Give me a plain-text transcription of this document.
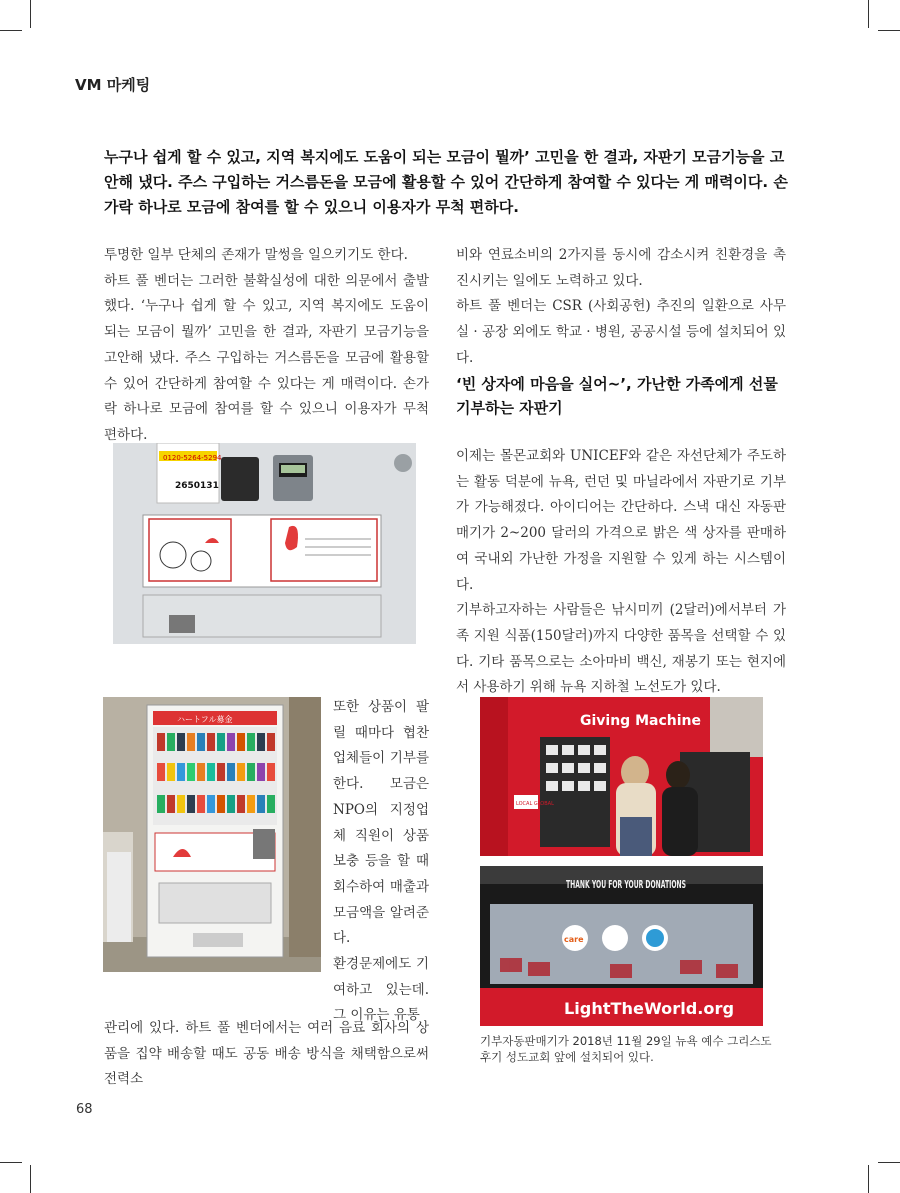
VM 마케팅
누구나 쉽게 할 수 있고, 지역 복지에도 도움이 되는 모금이 뭘까’ 고민을 한 결과, 자판기 모금기능을 고안해 냈다. 주스 구입하는 거스름돈을 모금에 활용할 수 있어 간단하게 참여할 수 있다는 게 매력이다. 손가락 하나로 모금에 참여를 할 수 있으니 이용자가 무척 편하다.

투명한 일부 단체의 존재가 말썽을 일으키기도 한다.

하트 풀 벤더는 그러한 불확실성에 대한 의문에서 출발했다. ‘누구나 쉽게 할 수 있고, 지역 복지에도 도움이 되는 모금이 뭘까’ 고민을 한 결과, 자판기 모금기능을 고안해 냈다. 주스 구입하는 거스름돈을 모금에 활용할 수 있어 간단하게 참여할 수 있다는 게 매력이다. 손가락 하나로 모금에 참여를 할 수 있으니 이용자가 무척 편하다.

비와 연료소비의 2가지를 동시에 감소시켜 친환경을 촉진시키는 일에도 노력하고 있다.

하트 풀 벤더는 CSR (사회공헌) 추진의 일환으로 사무실 · 공장 외에도 학교 · 병원, 공공시설 등에 설치되어 있다.

‘빈 상자에 마음을 실어~’, 가난한 가족에게 선물 기부하는 자판기

이제는 몰몬교회와 UNICEF와 같은 자선단체가 주도하는 활동 덕분에 뉴욕, 런던 및 마닐라에서 자판기로 기부가 가능해졌다. 아이디어는 간단하다. 스낵 대신 자동판매기가 2~200 달러의 가격으로 밝은 색 상자를 판매하여 국내외 가난한 가정을 지원할 수 있게 하는 시스템이다.

기부하고자하는 사람들은 낚시미끼 (2달러)에서부터 가족 지원 식품(150달러)까지 다양한 품목을 선택할 수 있다. 기타 품목으로는 소아마비 백신, 재봉기 또는 현지에서 사용하기 위해 뉴욕 지하철 노선도가 있다.

또한 상품이 팔릴 때마다 협찬업체들이 기부를 한다. 모금은 NPO의 지정업체 직원이 상품 보충 등을 할 때 회수하여 매출과 모금액을 알려준다.

환경문제에도 기여하고 있는데. 그 이유는 유통

관리에 있다. 하트 풀 벤더에서는 여러 음료 회사의 상품을 집약 배송할 때도 공동 배송 방식을 채택함으로써 전력소
0120-5264-5294
2650131
ハートフル募金	Giving Machine
LOCAL GLOBAL
THANK YOU FOR YOUR DONATIONS
care
LightTheWorld.org
기부자동판매기가 2018년 11월 29일 뉴욕 예수 그리스도 후기 성도교회 앞에 설치되어 있다.
68
